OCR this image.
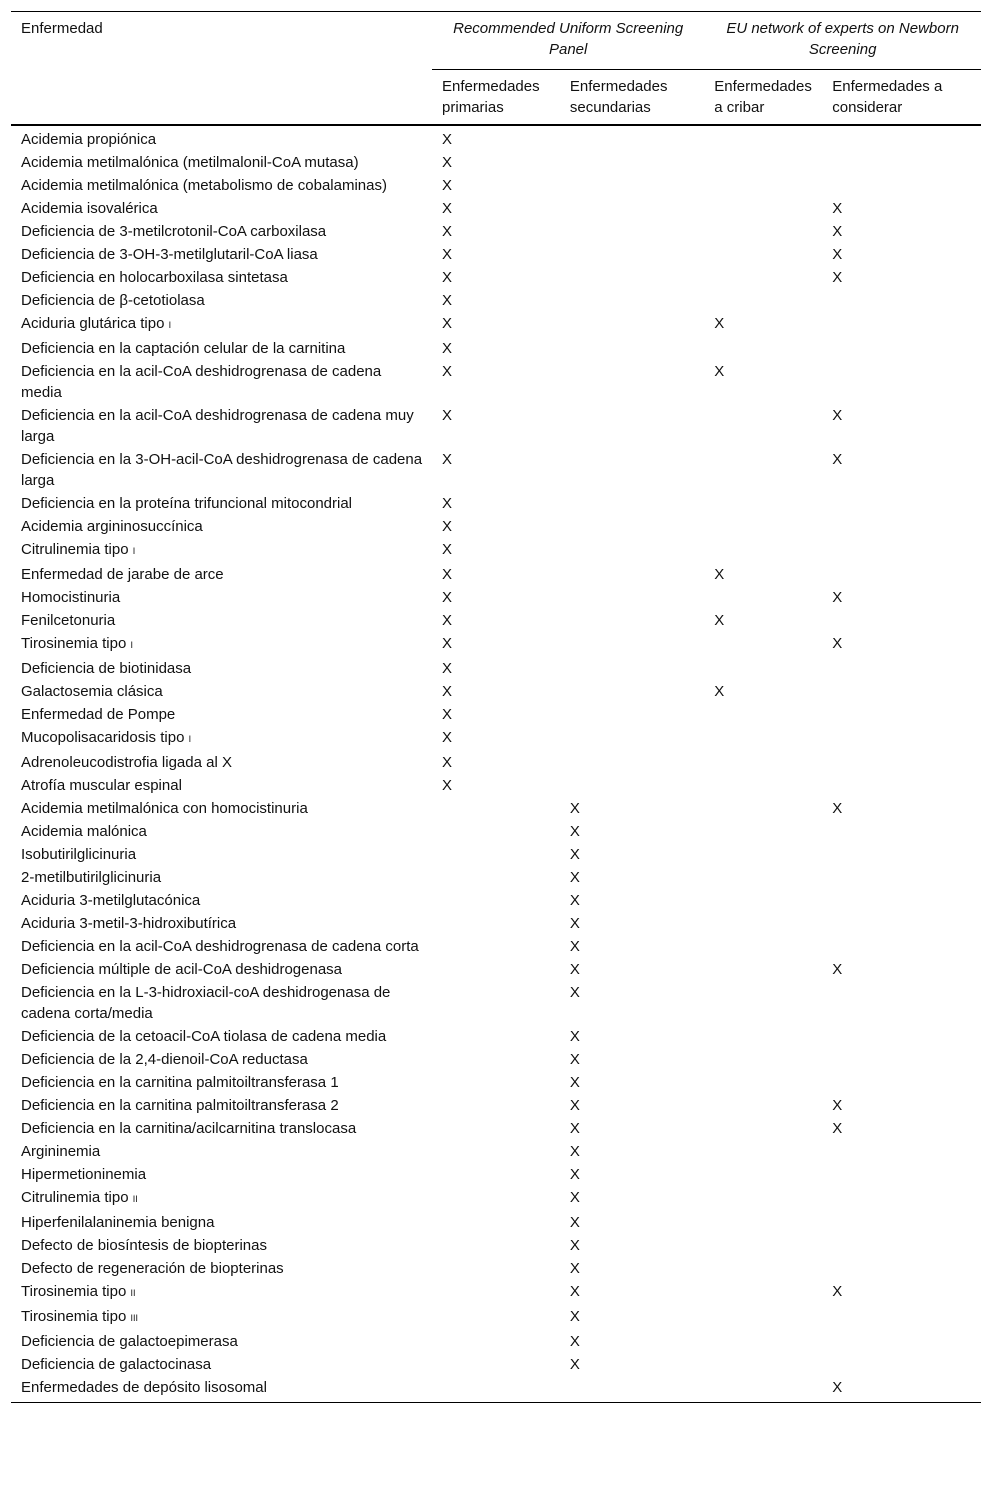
Enfermedad	Recommended Uniform Screening Panel		EU network of experts on Newborn Screening	

	Enfermedades primarias	Enfermedades secundarias	Enfermedades a cribar	Enfermedades a considerar
Acidemia propiónica	X			
Acidemia metilmalónica (metilmalonil-CoA mutasa)	X			
Acidemia metilmalónica (metabolismo de cobalaminas)	X			
Acidemia isovalérica	X			X
Deficiencia de 3-metilcrotonil-CoA carboxilasa	X			X
Deficiencia de 3-OH-3-metilglutaril-CoA liasa	X			X
Deficiencia en holocarboxilasa sintetasa	X			X
Deficiencia de β-cetotiolasa	X			
Aciduria glutárica tipo I	X		X	
Deficiencia en la captación celular de la carnitina	X			
Deficiencia en la acil-CoA deshidrogrenasa de cadena media	X		X	
Deficiencia en la acil-CoA deshidrogrenasa de cadena muy larga	X			X
Deficiencia en la 3-OH-acil-CoA deshidrogrenasa de cadena larga	X			X
Deficiencia en la proteína trifuncional mitocondrial	X			
Acidemia argininosuccínica	X			
Citrulinemia tipo I	X			
Enfermedad de jarabe de arce	X		X	
Homocistinuria	X			X
Fenilcetonuria	X		X	
Tirosinemia tipo I	X			X
Deficiencia de biotinidasa	X			
Galactosemia clásica	X		X	
Enfermedad de Pompe	X			
Mucopolisacaridosis tipo I	X			
Adrenoleucodistrofia ligada al X	X			
Atrofía muscular espinal	X			
Acidemia metilmalónica con homocistinuria		X		X
Acidemia malónica		X		
Isobutirilglicinuria		X		
2-metilbutirilglicinuria		X		
Aciduria 3-metilglutacónica		X		
Aciduria 3-metil-3-hidroxibutírica		X		
Deficiencia en la acil-CoA deshidrogrenasa de cadena corta		X		
Deficiencia múltiple de acil-CoA deshidrogenasa		X		X
Deficiencia en la L-3-hidroxiacil-coA deshidrogenasa de cadena corta/media		X		
Deficiencia de la cetoacil-CoA tiolasa de cadena media		X		
Deficiencia de la 2,4-dienoil-CoA reductasa		X		
Deficiencia en la carnitina palmitoiltransferasa 1		X		
Deficiencia en la carnitina palmitoiltransferasa 2		X		X
Deficiencia en la carnitina/acilcarnitina translocasa		X		X
Argininemia		X		
Hipermetioninemia		X		
Citrulinemia tipo II		X		
Hiperfenilalaninemia benigna		X		
Defecto de biosíntesis de biopterinas		X		
Defecto de regeneración de biopterinas		X		
Tirosinemia tipo II		X		X
Tirosinemia tipo III		X		
Deficiencia de galactoepimerasa		X		
Deficiencia de galactocinasa		X		
Enfermedades de depósito lisosomal				X
